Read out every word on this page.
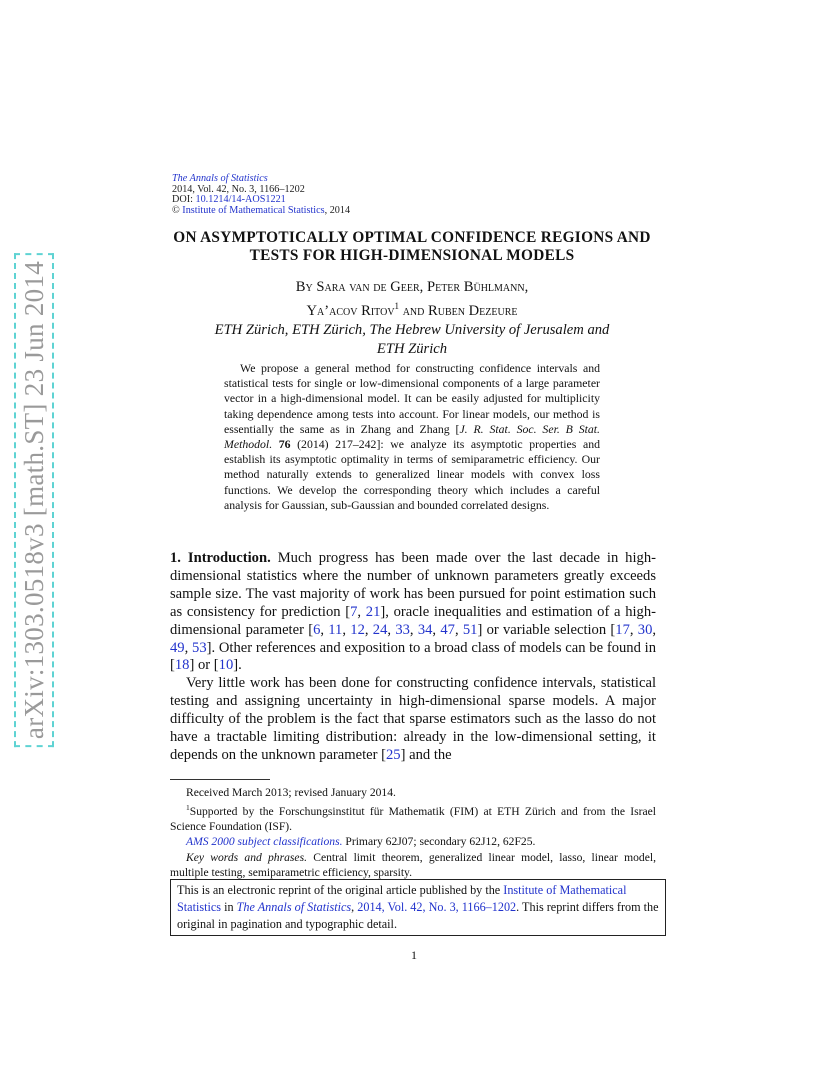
arXiv:1303.0518v3 [math.ST] 23 Jun 2014
The Annals of Statistics
2014, Vol. 42, No. 3, 1166–1202
DOI: 10.1214/14-AOS1221
© Institute of Mathematical Statistics, 2014
ON ASYMPTOTICALLY OPTIMAL CONFIDENCE REGIONS AND
TESTS FOR HIGH-DIMENSIONAL MODELS
By Sara van de Geer, Peter Bühlmann,
Ya’acov Ritov$^1$ and Ruben Dezeure
ETH Zürich, ETH Zürich, The Hebrew University of Jerusalem and
ETH Zürich
We propose a general method for constructing confidence intervals and statistical tests for single or low-dimensional components of a large parameter vector in a high-dimensional model. It can be easily adjusted for multiplicity taking dependence among tests into account. For linear models, our method is essentially the same as in Zhang and Zhang [J. R. Stat. Soc. Ser. B Stat. Methodol. 76 (2014) 217–242]: we analyze its asymptotic properties and establish its asymptotic optimality in terms of semiparametric efficiency. Our method naturally extends to generalized linear models with convex loss functions. We develop the corresponding theory which includes a careful analysis for Gaussian, sub-Gaussian and bounded correlated designs.

1. Introduction. Much progress has been made over the last decade in high-dimensional statistics where the number of unknown parameters greatly exceeds sample size. The vast majority of work has been pursued for point estimation such as consistency for prediction [7, 21], oracle inequalities and estimation of a high-dimensional parameter [6, 11, 12, 24, 33, 34, 47, 51] or variable selection [17, 30, 49, 53]. Other references and exposition to a broad class of models can be found in [18] or [10].

Very little work has been done for constructing confidence intervals, statistical testing and assigning uncertainty in high-dimensional sparse models. A major difficulty of the problem is the fact that sparse estimators such as the lasso do not have a tractable limiting distribution: already in the low-dimensional setting, it depends on the unknown parameter [25] and the

Received March 2013; revised January 2014.

$^1$Supported by the Forschungsinstitut für Mathematik (FIM) at ETH Zürich and from the Israel Science Foundation (ISF).

AMS 2000 subject classifications. Primary 62J07; secondary 62J12, 62F25.

Key words and phrases. Central limit theorem, generalized linear model, lasso, linear model, multiple testing, semiparametric efficiency, sparsity.

This is an electronic reprint of the original article published by the Institute of Mathematical Statistics in The Annals of Statistics, 2014, Vol. 42, No. 3, 1166–1202. This reprint differs from the original in pagination and typographic detail.
1
